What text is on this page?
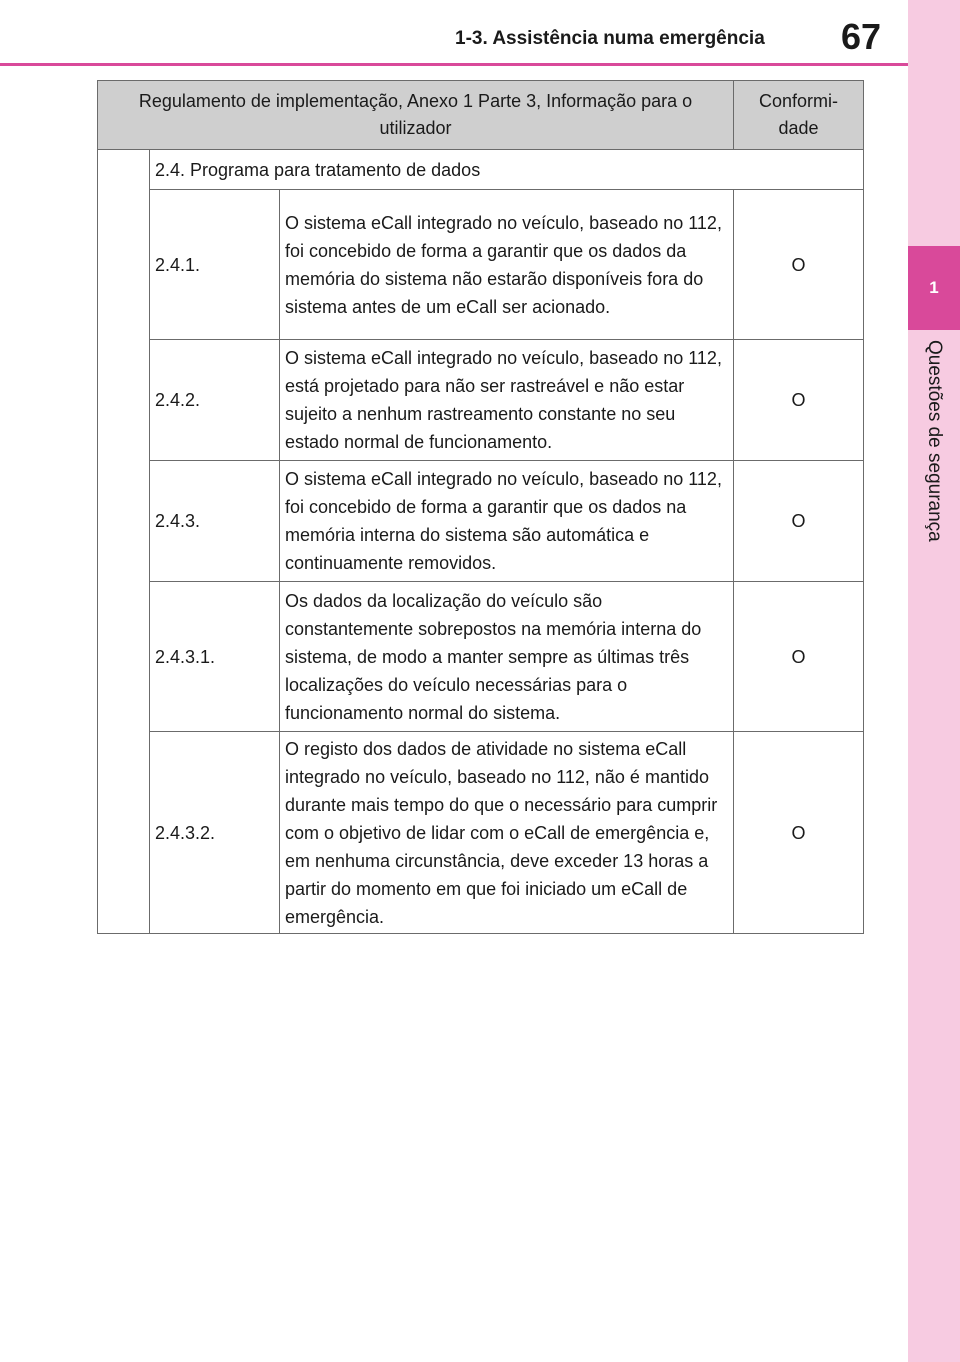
1-3. Assistência numa emergência	67
1
Questões de segurança
Regulamento de implementação, Anexo 1 Parte 3, Informação para o utilizador			Conformi-dade
	2.4. Programa para tratamento de dados		
	2.4.1.	O sistema eCall integrado no veículo, baseado no 112, foi concebido de forma a garantir que os dados da memória do sistema não estarão disponíveis fora do sistema antes de um eCall ser acionado.	O
	2.4.2.	O sistema eCall integrado no veículo, baseado no 112, está projetado para não ser rastreável e não estar sujeito a nenhum rastreamento constante no seu estado normal de funcionamento.	O
	2.4.3.	O sistema eCall integrado no veículo, baseado no 112, foi concebido de forma a garantir que os dados na memória interna do sistema são automática e continuamente removidos.	O
	2.4.3.1.	Os dados da localização do veículo são constantemente sobrepostos na memória interna do sistema, de modo a manter sempre as últimas três localizações do veículo necessárias para o funcionamento normal do sistema.	O
	2.4.3.2.	O registo dos dados de atividade no sistema eCall integrado no veículo, baseado no 112, não é mantido durante mais tempo do que o necessário para cumprir com o objetivo de lidar com o eCall de emergência e, em nenhuma circunstância, deve exceder 13 horas a partir do momento em que foi iniciado um eCall de emergência.	O
